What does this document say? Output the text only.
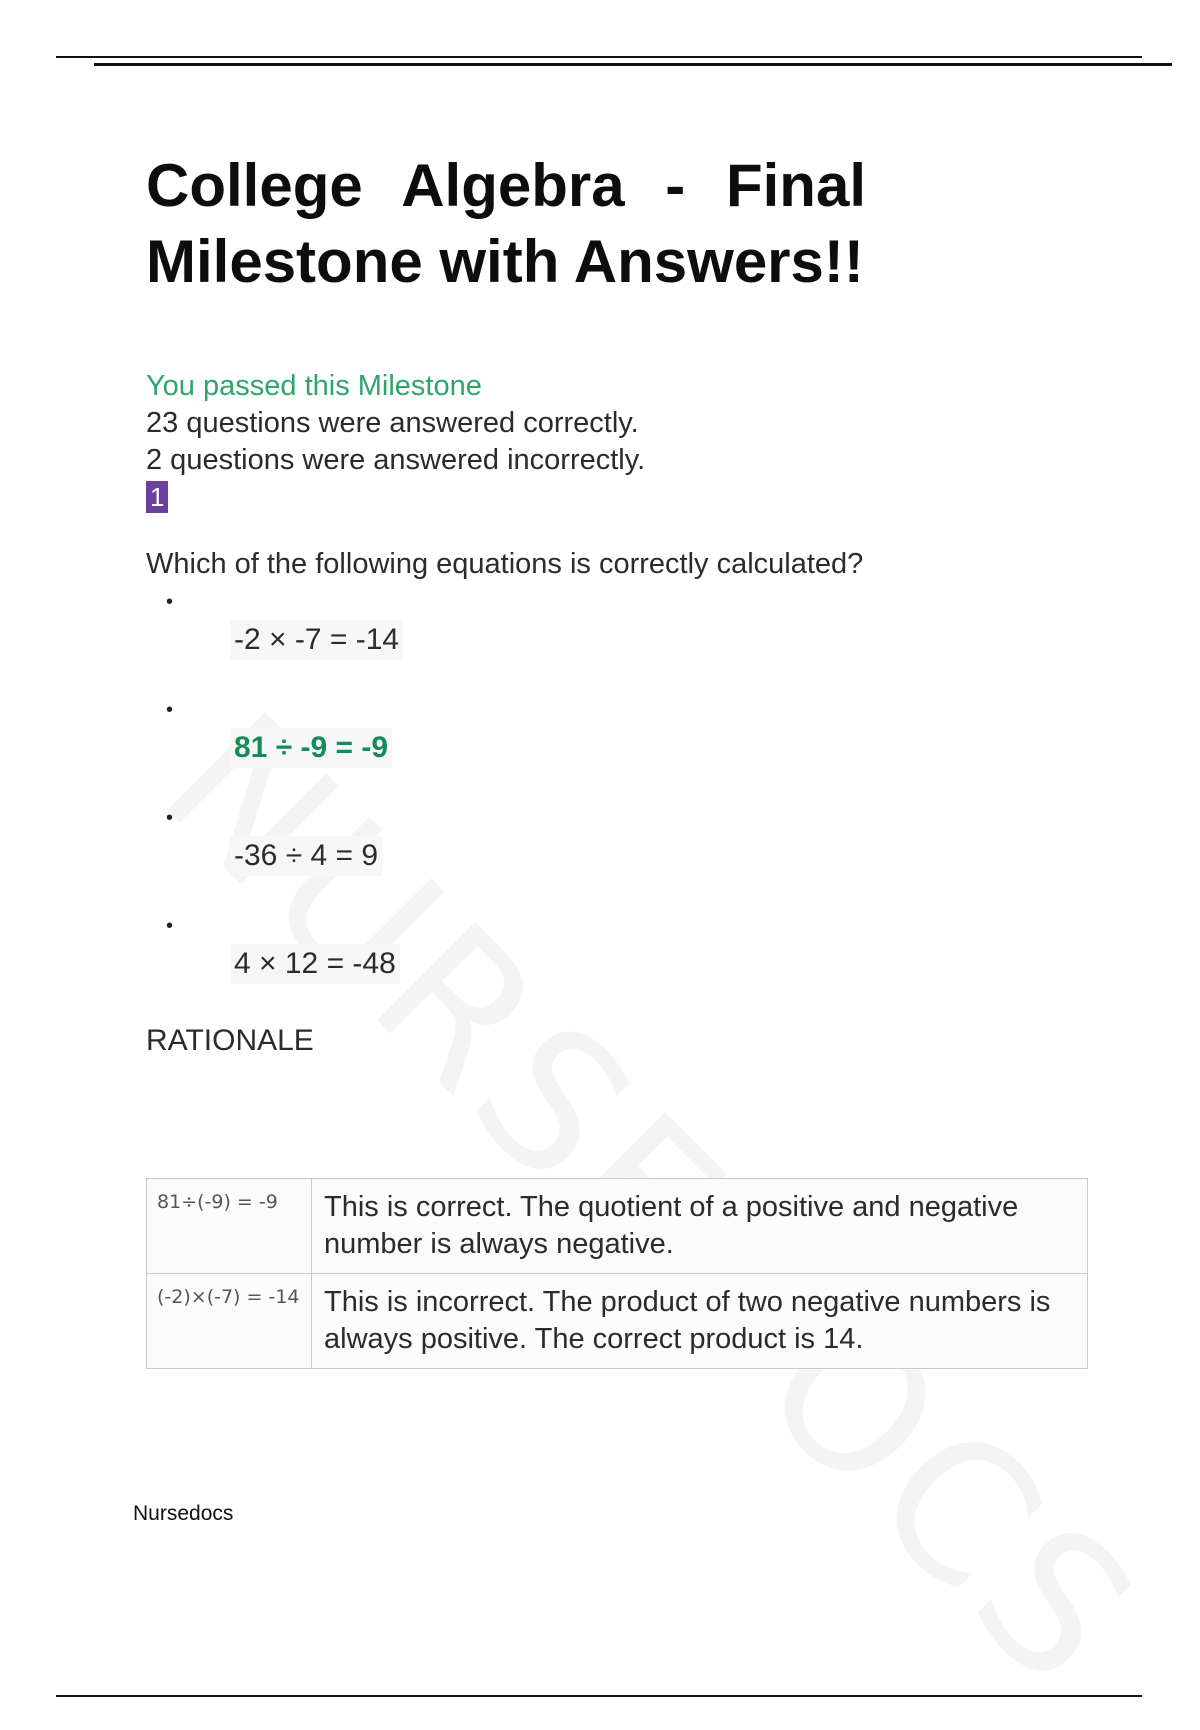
College Algebra - Final Milestone with Answers!!
You passed this Milestone
23 questions were answered correctly.
2 questions were answered incorrectly.
1
Which of the following equations is correctly calculated?
•
-2 × -7 = -14
•
81 ÷ -9 = -9
•
-36 ÷ 4 = 9
•
4 × 12 = -48
RATIONALE
81÷(-9) = -9	This is correct. The quotient of a positive and negative number is always negative.
(-2)×(-7) = -14	This is incorrect. The product of two negative numbers is always positive. The correct product is 14.
Nursedocs
